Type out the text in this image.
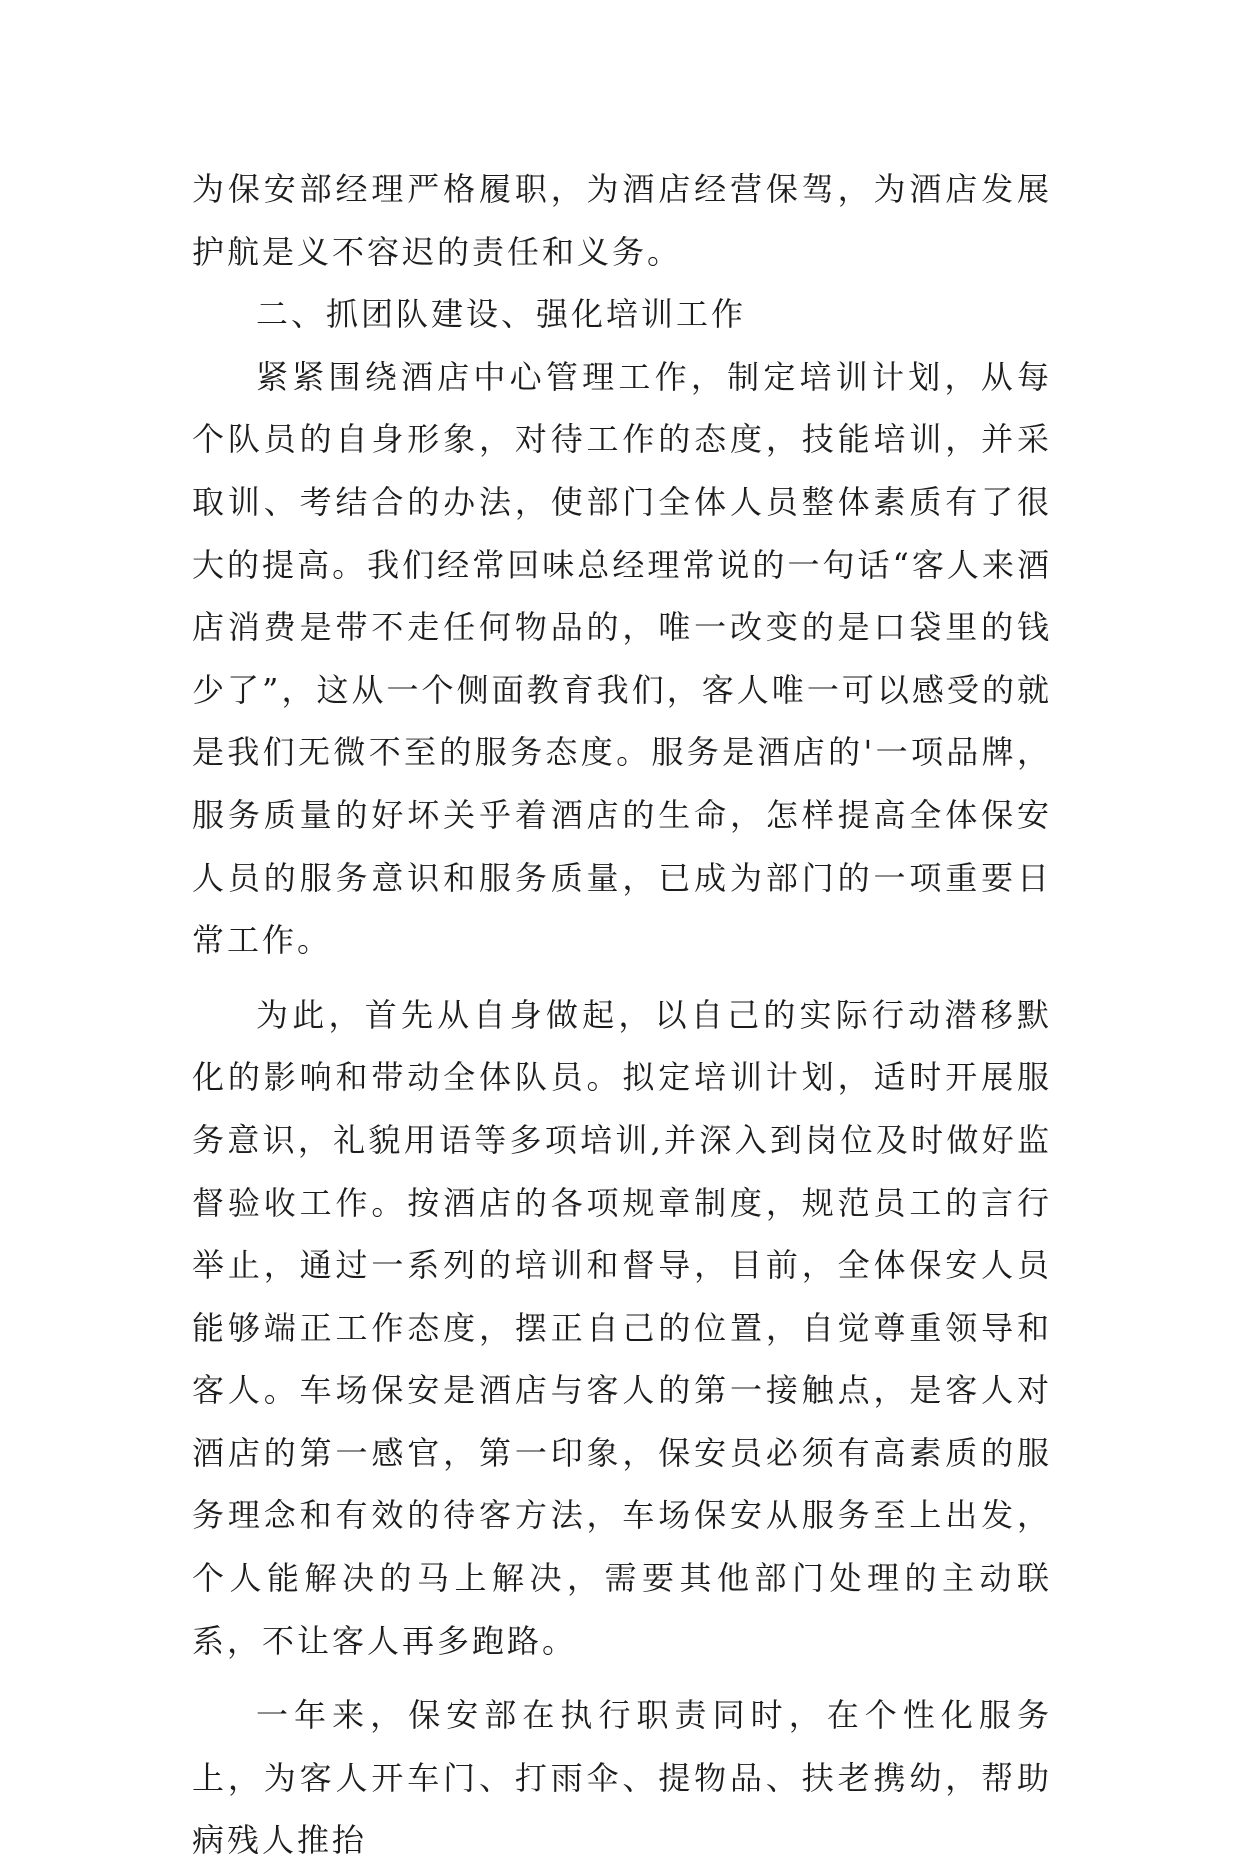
为保安部经理严格履职，为酒店经营保驾，为酒店发展护航是义不容迟的责任和义务。

二、抓团队建设、强化培训工作

紧紧围绕酒店中心管理工作，制定培训计划，从每个队员的自身形象，对待工作的态度，技能培训，并采取训、考结合的办法，使部门全体人员整体素质有了很大的提高。我们经常回味总经理常说的一句话“客人来酒店消费是带不走任何物品的，唯一改变的是口袋里的钱少了”，这从一个侧面教育我们，客人唯一可以感受的就是我们无微不至的服务态度。服务是酒店的'一项品牌，服务质量的好坏关乎着酒店的生命，怎样提高全体保安人员的服务意识和服务质量，已成为部门的一项重要日常工作。

为此，首先从自身做起，以自己的实际行动潜移默化的影响和带动全体队员。拟定培训计划，适时开展服务意识，礼貌用语等多项培训,并深入到岗位及时做好监督验收工作。按酒店的各项规章制度，规范员工的言行举止，通过一系列的培训和督导，目前，全体保安人员能够端正工作态度，摆正自己的位置，自觉尊重领导和客人。车场保安是酒店与客人的第一接触点，是客人对酒店的第一感官，第一印象，保安员必须有高素质的服务理念和有效的待客方法，车场保安从服务至上出发，个人能解决的马上解决，需要其他部门处理的主动联系，不让客人再多跑路。

一年来，保安部在执行职责同时，在个性化服务上，为客人开车门、打雨伞、提物品、扶老携幼，帮助病残人推抬
